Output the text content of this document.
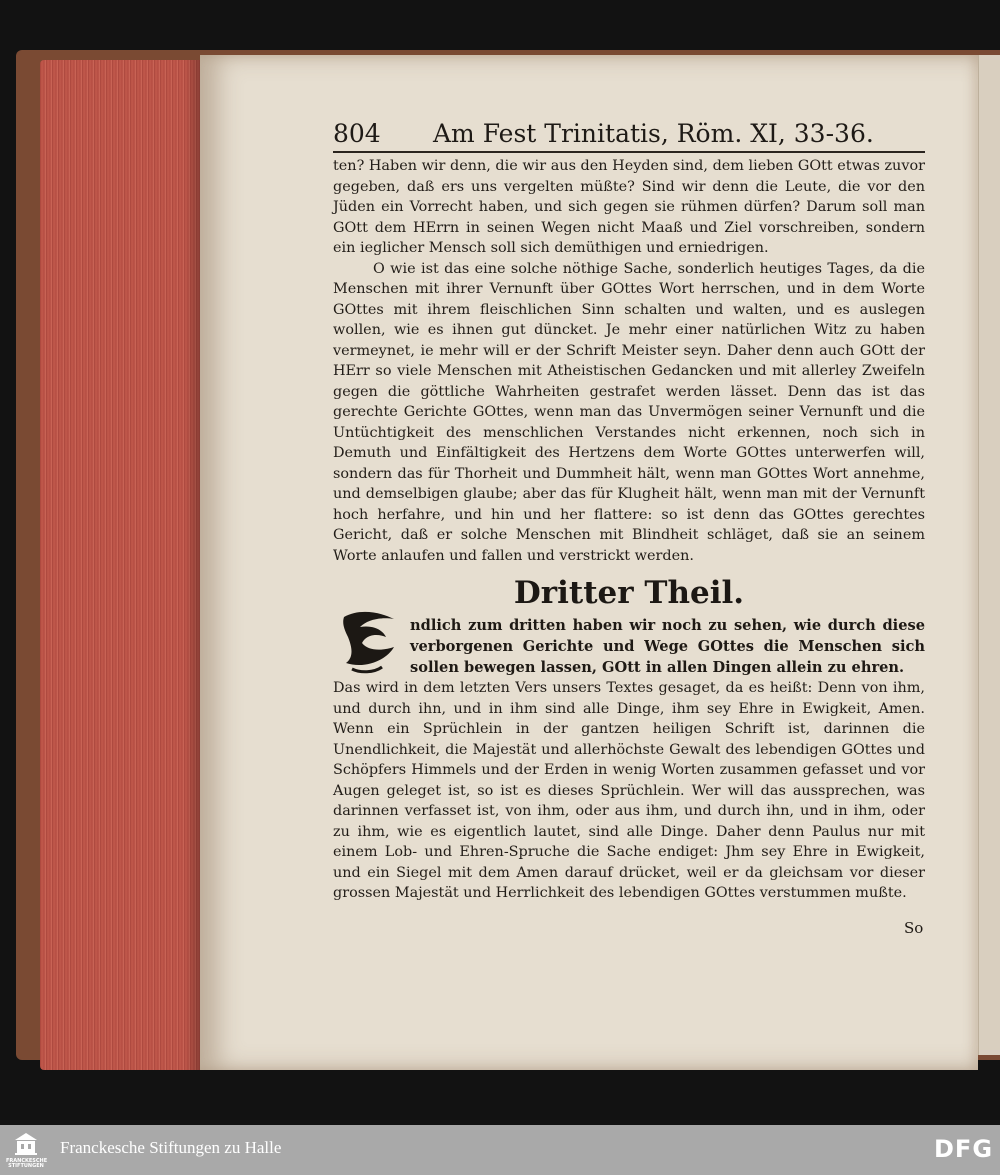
804 Am Fest Trinitatis, Röm. XI, 33-36.

ten? Haben wir denn, die wir aus den Heyden sind, dem lieben GOtt etwas zuvor gegeben, daß ers uns vergelten müßte? Sind wir denn die Leute, die vor den Jüden ein Vorrecht haben, und sich gegen sie rühmen dürfen? Darum soll man GOtt dem HErrn in seinen Wegen nicht Maaß und Ziel vorschreiben, sondern ein ieglicher Mensch soll sich demüthigen und erniedrigen.

O wie ist das eine solche nöthige Sache, sonderlich heutiges Tages, da die Menschen mit ihrer Vernunft über GOttes Wort herrschen, und in dem Worte GOttes mit ihrem fleischlichen Sinn schalten und walten, und es auslegen wollen, wie es ihnen gut düncket. Je mehr einer natürlichen Witz zu haben vermeynet, ie mehr will er der Schrift Meister seyn. Daher denn auch GOtt der HErr so viele Menschen mit Atheistischen Gedancken und mit allerley Zweifeln gegen die göttliche Wahrheiten gestrafet werden lässet. Denn das ist das gerechte Gerichte GOttes, wenn man das Unvermögen seiner Vernunft und die Untüchtigkeit des menschlichen Verstandes nicht erkennen, noch sich in Demuth und Einfältigkeit des Hertzens dem Worte GOttes unterwerfen will, sondern das für Thorheit und Dummheit hält, wenn man GOttes Wort annehme, und demselbigen glaube; aber das für Klugheit hält, wenn man mit der Vernunft hoch herfahre, und hin und her flattere: so ist denn das GOttes gerechtes Gericht, daß er solche Menschen mit Blindheit schläget, daß sie an seinem Worte anlaufen und fallen und verstrickt werden.

Dritter Theil.
ndlich zum dritten haben wir noch zu sehen, wie durch diese verborgenen Gerichte und Wege GOttes die Menschen sich sollen bewegen lassen, GOtt in allen Dingen allein zu ehren.
Das wird in dem letzten Vers unsers Textes gesaget, da es heißt: Denn von ihm, und durch ihn, und in ihm sind alle Dinge, ihm sey Ehre in Ewigkeit, Amen. Wenn ein Sprüchlein in der gantzen heiligen Schrift ist, darinnen die Unendlichkeit, die Majestät und allerhöchste Gewalt des lebendigen GOttes und Schöpfers Himmels und der Erden in wenig Worten zusammen gefasset und vor Augen geleget ist, so ist es dieses Sprüchlein. Wer will das aussprechen, was darinnen verfasset ist, von ihm, oder aus ihm, und durch ihn, und in ihm, oder zu ihm, wie es eigentlich lautet, sind alle Dinge. Daher denn Paulus nur mit einem Lob- und Ehren-Spruche die Sache endiget: Jhm sey Ehre in Ewigkeit, und ein Siegel mit dem Amen darauf drücket, weil er da gleichsam vor dieser grossen Majestät und Herrlichkeit des lebendigen GOttes verstummen mußte.
So
FRANCKESCHE STIFTUNGEN
Franckesche Stiftungen zu Halle	DFG
